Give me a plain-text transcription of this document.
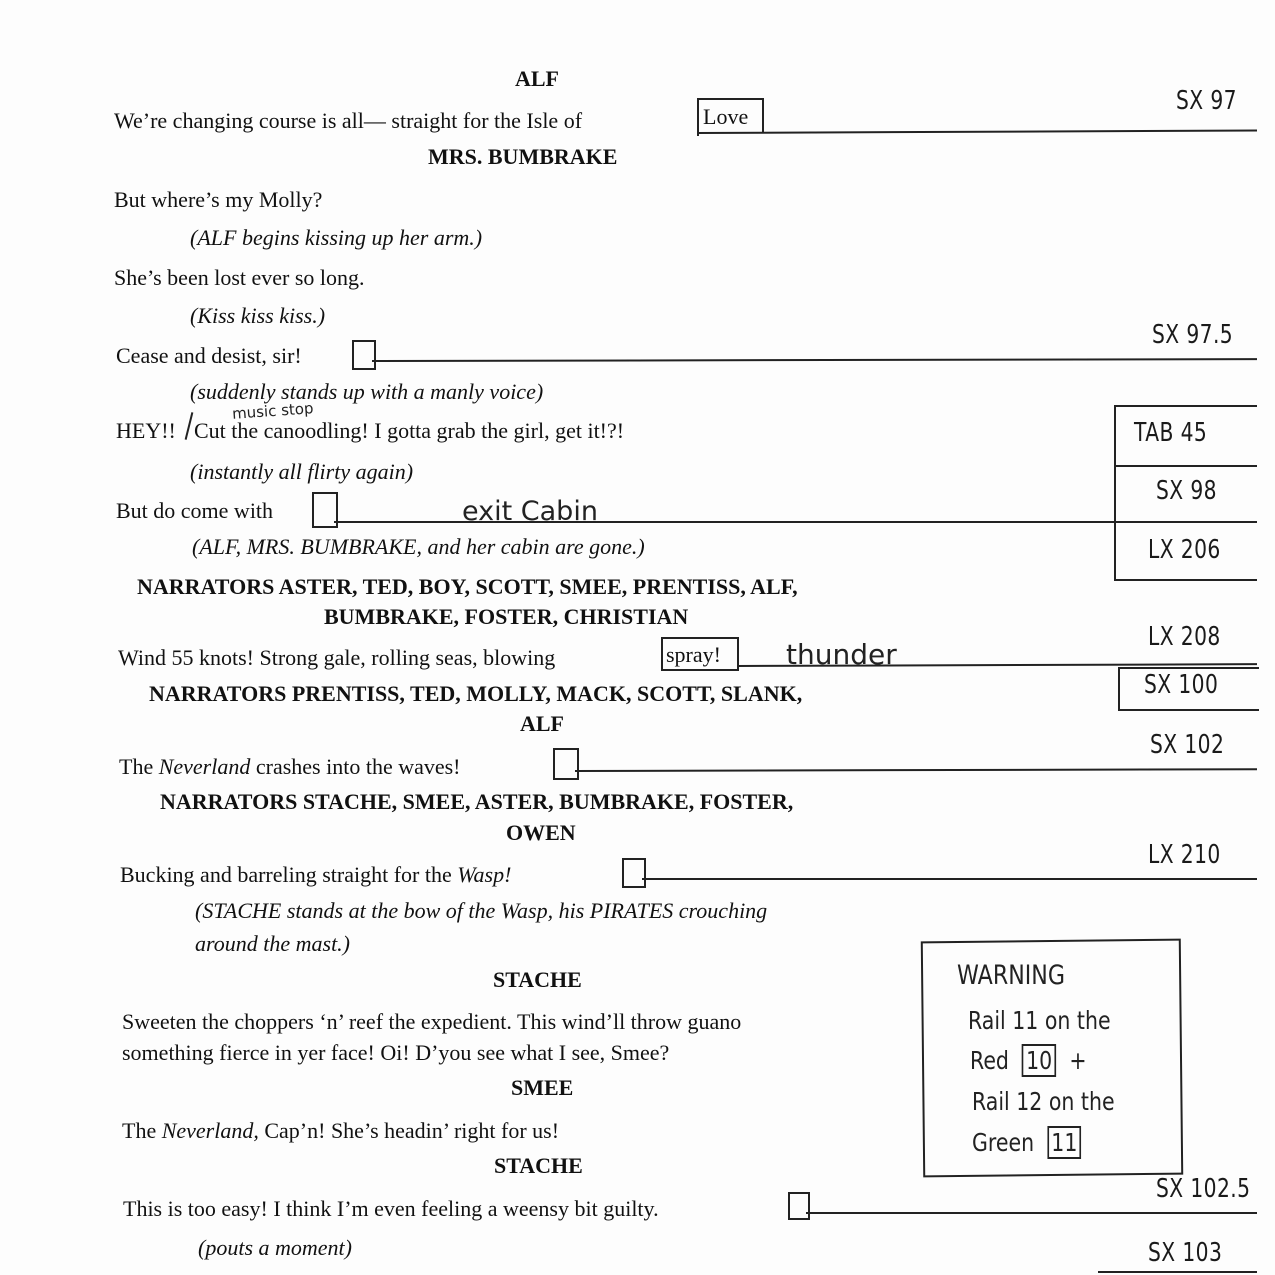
ALF
We’re changing course is all— straight for the Isle of	Love
SX 97
MRS. BUMBRAKE
But where’s my Molly?
(ALF begins kissing up her arm.)
She’s been lost ever so long.
(Kiss kiss kiss.)
Cease and desist, sir!
SX 97.5
(suddenly stands up with a manly voice)
music stop
HEY!! Cut the canoodling! I gotta grab the girl, get it!?!
(instantly all flirty again)
But do come with	exit Cabin
TAB 45
SX 98
LX 206
(ALF, MRS. BUMBRAKE, and her cabin are gone.)
NARRATORS ASTER, TED, BOY, SCOTT, SMEE, PRENTISS, ALF,
BUMBRAKE, FOSTER, CHRISTIAN
Wind 55 knots! Strong gale, rolling seas, blowing	spray! thunder
LX 208
NARRATORS PRENTISS, TED, MOLLY, MACK, SCOTT, SLANK,
ALF
SX 100
The Neverland crashes into the waves!
SX 102
NARRATORS STACHE, SMEE, ASTER, BUMBRAKE, FOSTER,
OWEN
Bucking and barreling straight for the Wasp!
LX 210
(STACHE stands at the bow of the Wasp, his PIRATES crouching
around the mast.)
STACHE
Sweeten the choppers ‘n’ reef the expedient. This wind’ll throw guano
something fierce in yer face! Oi! D’you see what I see, Smee?
SMEE
The Neverland, Cap’n! She’s headin’ right for us!
STACHE
This is too easy! I think I’m even feeling a weensy bit guilty.
SX 102.5
(pouts a moment)	SX 103
WARNING
Rail 11 on the
Red 10 +
Rail 12 on the
Green 11
